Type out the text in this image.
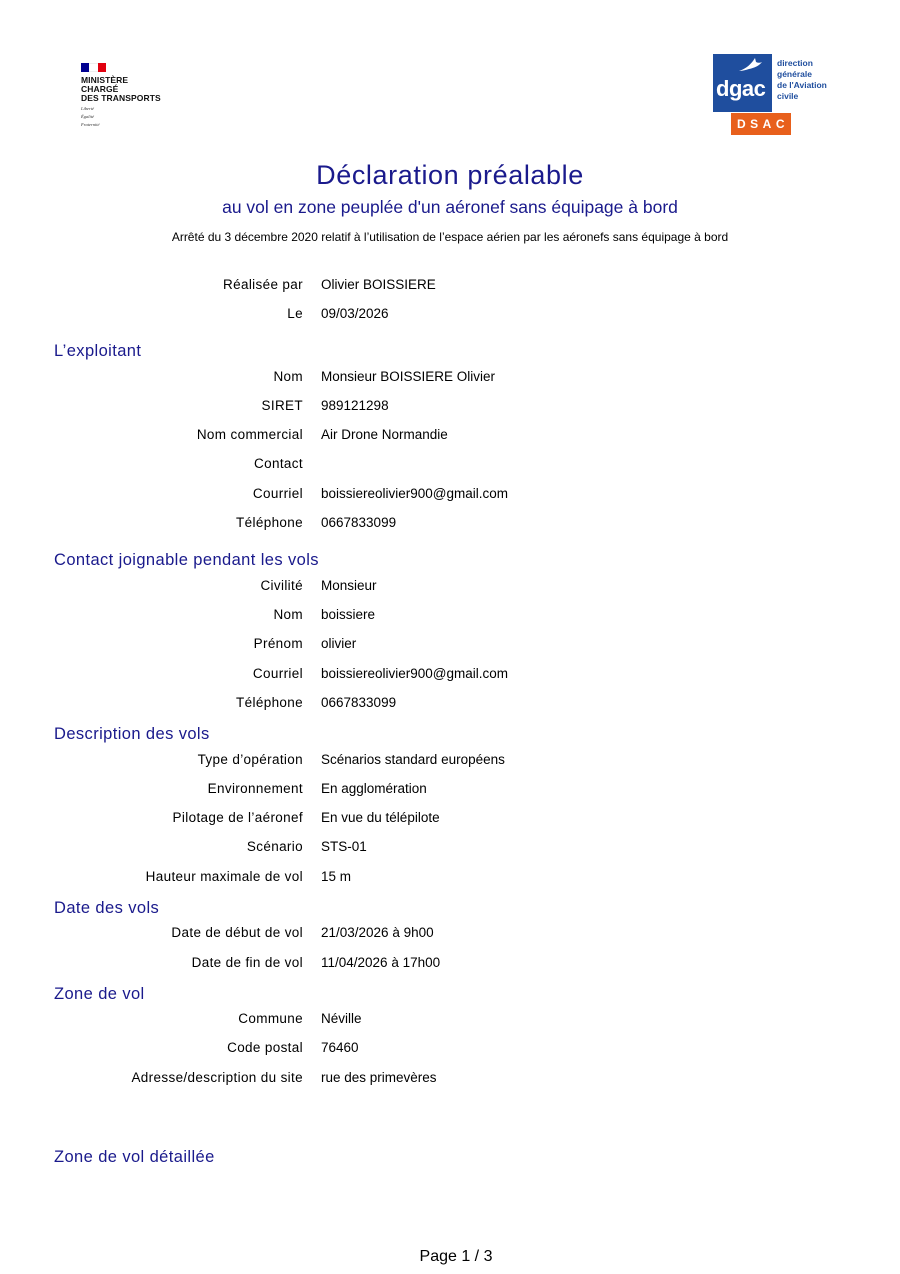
MINISTÈRE
CHARGÉ
DES TRANSPORTS
Liberté
Égalité
Fraternité
dgac
direction
générale
de l'Aviation
civile
DSAC
Déclaration préalable
au vol en zone peuplée d'un aéronef sans équipage à bord
Arrêté du 3 décembre 2020 relatif à l’utilisation de l’espace aérien par les aéronefs sans équipage à bord
Réalisée par Olivier BOISSIERE
Le 09/03/2026
L’exploitant
Nom Monsieur BOISSIERE Olivier
SIRET 989121298
Nom commercial Air Drone Normandie
Contact
Courriel boissiereolivier900@gmail.com
Téléphone 0667833099
Contact joignable pendant les vols
Civilité Monsieur
Nom boissiere
Prénom olivier
Courriel boissiereolivier900@gmail.com
Téléphone 0667833099
Description des vols
Type d’opération Scénarios standard européens
Environnement En agglomération
Pilotage de l’aéronef En vue du télépilote
Scénario STS-01
Hauteur maximale de vol 15 m
Date des vols
Date de début de vol 21/03/2026 à 9h00
Date de fin de vol 11/04/2026 à 17h00
Zone de vol
Commune Néville
Code postal 76460
Adresse/description du site rue des primevères
Zone de vol détaillée
Page 1 / 3
